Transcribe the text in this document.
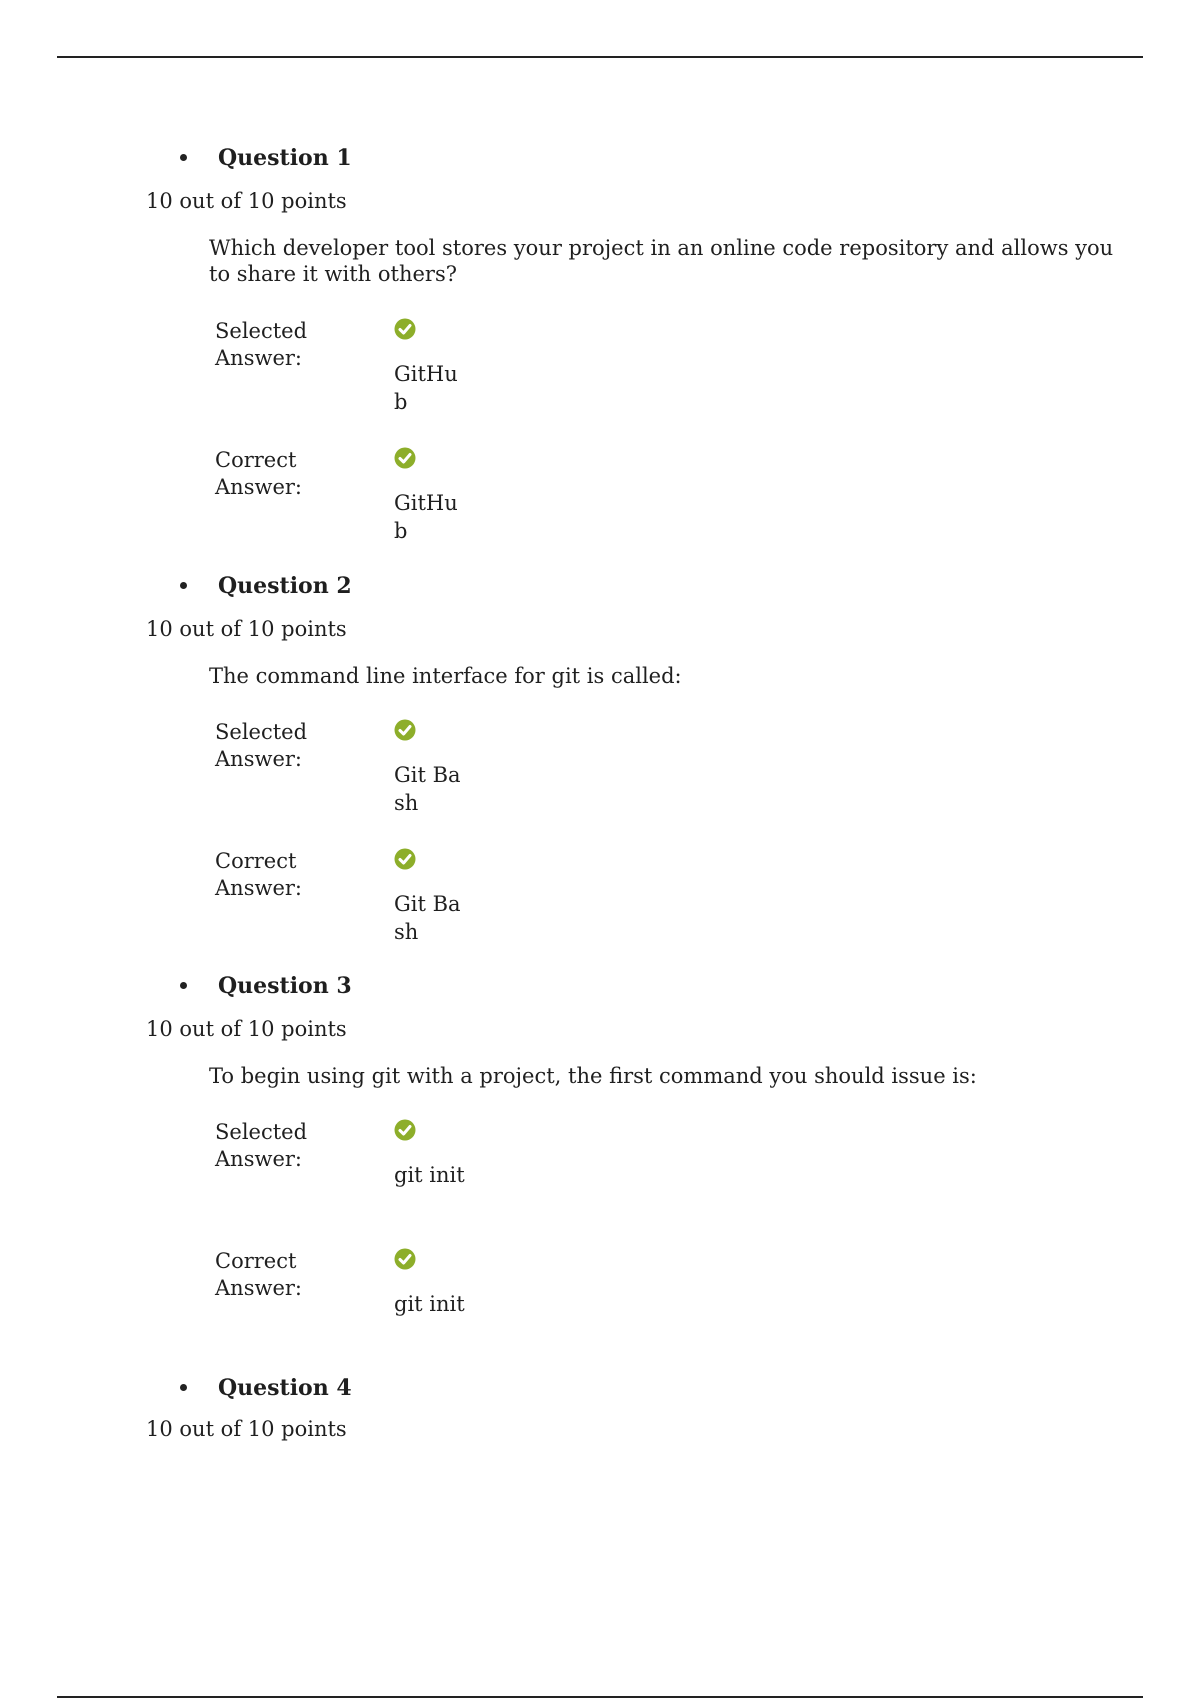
Question 1
10 out of 10 points
Which developer tool stores your project in an online code repository and allows you to share it with others?
Selected Answer:
GitHub
Correct Answer:
GitHub
Question 2
10 out of 10 points
The command line interface for git is called:
Selected Answer:
Git Bash
Correct Answer:
Git Bash
Question 3
10 out of 10 points
To begin using git with a project, the first command you should issue is:
Selected Answer:
git init
Correct Answer:
git init
Question 4
10 out of 10 points
